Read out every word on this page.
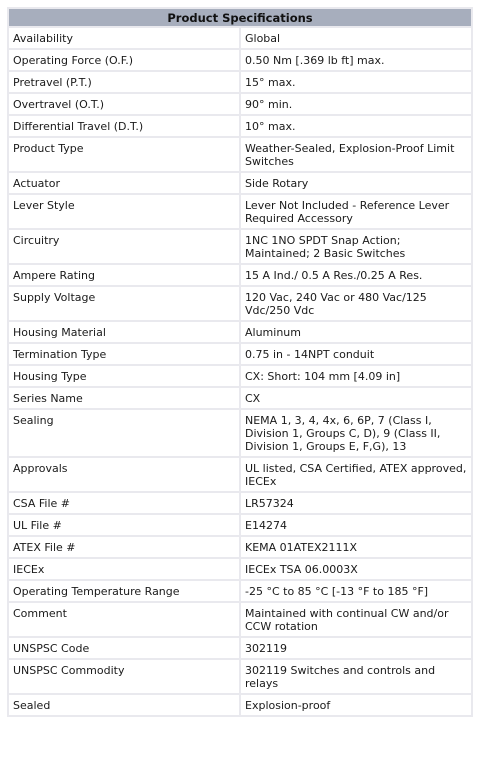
Product Specifications	
Availability	Global
Operating Force (O.F.)	0.50 Nm [.369 lb ft] max.
Pretravel (P.T.)	15° max.
Overtravel (O.T.)	90° min.
Differential Travel (D.T.)	10° max.
Product Type	Weather-Sealed, Explosion-Proof Limit Switches
Actuator	Side Rotary
Lever Style	Lever Not Included - Reference Lever Required Accessory
Circuitry	1NC 1NO SPDT Snap Action; Maintained; 2 Basic Switches
Ampere Rating	15 A Ind./ 0.5 A Res./0.25 A Res.
Supply Voltage	120 Vac, 240 Vac or 480 Vac/125 Vdc/250 Vdc
Housing Material	Aluminum
Termination Type	0.75 in - 14NPT conduit
Housing Type	CX: Short: 104 mm [4.09 in]
Series Name	CX
Sealing	NEMA 1, 3, 4, 4x, 6, 6P, 7 (Class I, Division 1, Groups C, D), 9 (Class II, Division 1, Groups E, F,G), 13
Approvals	UL listed, CSA Certified, ATEX approved, IECEx
CSA File #	LR57324
UL File #	E14274
ATEX File #	KEMA 01ATEX2111X
IECEx	IECEx TSA 06.0003X
Operating Temperature Range	-25 °C to 85 °C [-13 °F to 185 °F]
Comment	Maintained with continual CW and/or CCW rotation
UNSPSC Code	302119
UNSPSC Commodity	302119 Switches and controls and relays
Sealed	Explosion-proof
